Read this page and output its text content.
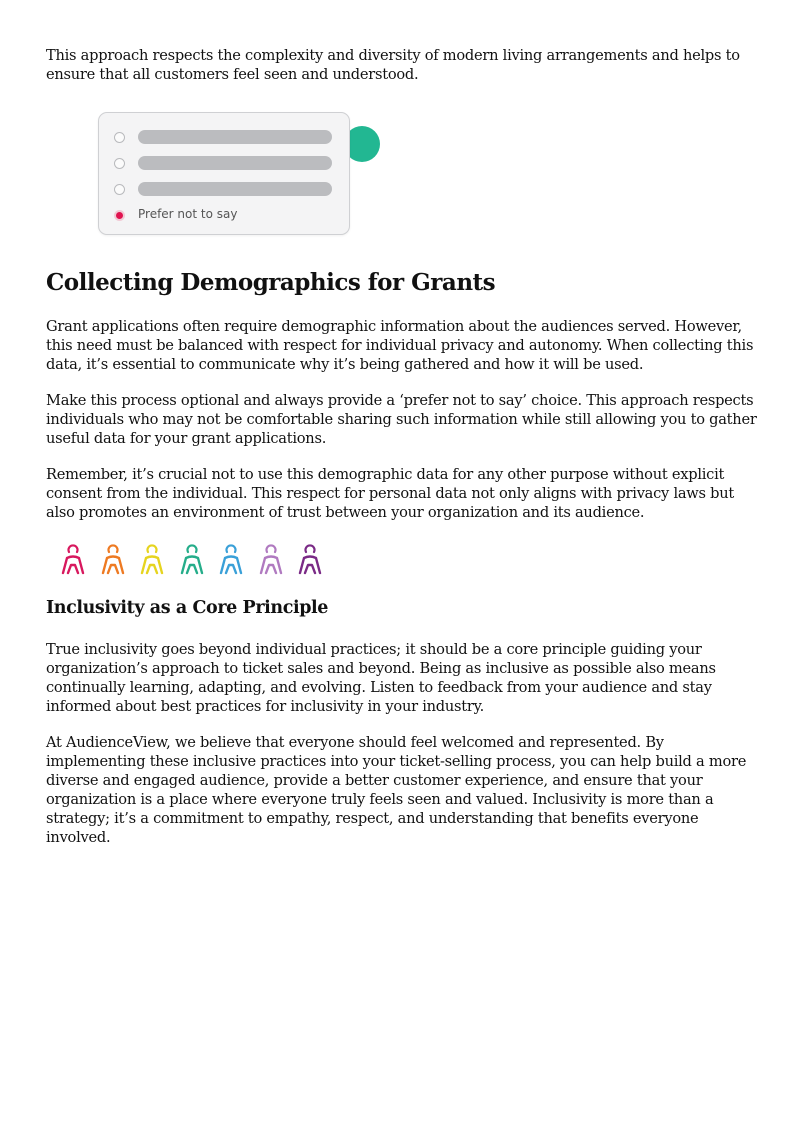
This approach respects the complexity and diversity of modern living arrangements and helps to ensure that all customers feel seen and understood.

Prefer not to say
Collecting Demographics for Grants

Grant applications often require demographic information about the audiences served. However, this need must be balanced with respect for individual privacy and autonomy. When collecting this data, it’s essential to communicate why it’s being gathered and how it will be used.

Make this process optional and always provide a ‘prefer not to say’ choice. This approach respects individuals who may not be comfortable sharing such information while still allowing you to gather useful data for your grant applications.

Remember, it’s crucial not to use this demographic data for any other purpose without explicit consent from the individual. This respect for personal data not only aligns with privacy laws but also promotes an environment of trust between your organization and its audience.

Inclusivity as a Core Principle

True inclusivity goes beyond individual practices; it should be a core principle guiding your organization’s approach to ticket sales and beyond. Being as inclusive as possible also means continually learning, adapting, and evolving. Listen to feedback from your audience and stay informed about best practices for inclusivity in your industry.

At AudienceView, we believe that everyone should feel welcomed and represented. By implementing these inclusive practices into your ticket-selling process, you can help build a more diverse and engaged audience, provide a better customer experience, and ensure that your organization is a place where everyone truly feels seen and valued. Inclusivity is more than a strategy; it’s a commitment to empathy, respect, and understanding that benefits everyone involved.
